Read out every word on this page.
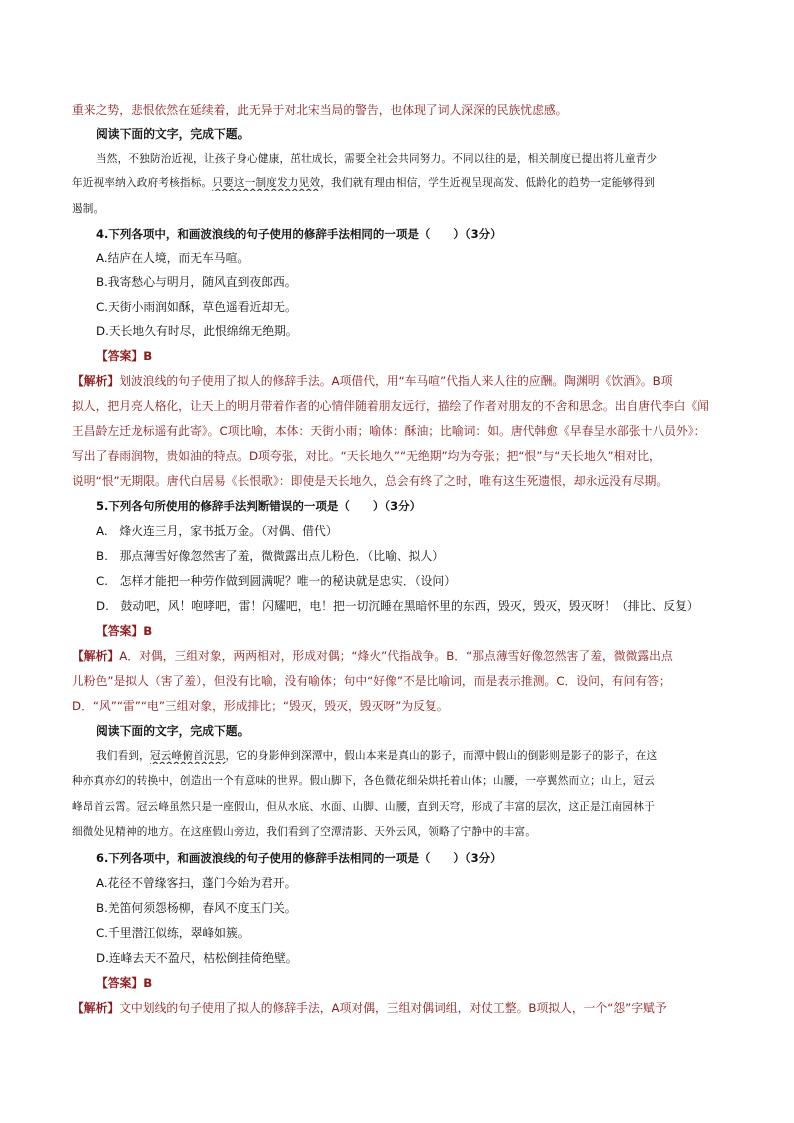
重来之势，悲恨依然在延续着，此无异于对北宋当局的警告，也体现了词人深深的民族忧虑感。
阅读下面的文字，完成下题。
当然，不独防治近视，让孩子身心健康，茁壮成长，需要全社会共同努力。不同以往的是，相关制度已提出将儿童青少
年近视率纳入政府考核指标。只要这一制度发力见效，我们就有理由相信，学生近视呈现高发、低龄化的趋势一定能够得到
遏制。
4.下列各项中，和画波浪线的句子使用的修辞手法相同的一项是（　　）（3分）
A.结庐在人境，而无车马喧。
B.我寄愁心与明月，随风直到夜郎西。
C.天街小雨润如酥，草色遥看近却无。
D.天长地久有时尽，此恨绵绵无绝期。
【答案】B
【解析】划波浪线的句子使用了拟人的修辞手法。A项借代，用“车马喧”代指人来人往的应酬。陶渊明《饮酒》。B项
拟人，把月亮人格化，让天上的明月带着作者的心情伴随着朋友远行，描绘了作者对朋友的不舍和思念。出自唐代李白《闻
王昌龄左迁龙标遥有此寄》。C项比喻，本体：天街小雨；喻体：酥油；比喻词：如。唐代韩愈《早春呈水部张十八员外》：
写出了春雨润物，贵如油的特点。D项夸张，对比。“天长地久”“无绝期”均为夸张；把“恨”与“天长地久”相对比，
说明“恨”无期限。唐代白居易《长恨歌》：即使是天长地久，总会有终了之时，唯有这生死遗恨，却永远没有尽期。
5.下列各句所使用的修辞手法判断错误的一项是（　　）（3分）
A.　烽火连三月，家书抵万金。（对偶、借代）
B.　那点薄雪好像忽然害了羞，微微露出点儿粉色．（比喻、拟人）
C.　怎样才能把一种劳作做到圆满呢？唯一的秘诀就是忠实．（设问）
D.　鼓动吧，风！咆哮吧，雷！闪耀吧，电！把一切沉睡在黑暗怀里的东西，毁灭，毁灭，毁灭呀！（排比、反复）
【答案】B
【解析】A．对偶，三组对象，两两相对，形成对偶；“烽火”代指战争。B．“那点薄雪好像忽然害了羞，微微露出点
儿粉色”是拟人（害了羞），但没有比喻，没有喻体；句中“好像”不是比喻词，而是表示推测。C．设问，有问有答；
D．“风”“雷”“电”三组对象，形成排比；“毁灭，毁灭，毁灭呀”为反复。
阅读下面的文字，完成下题。
我们看到，冠云峰俯首沉思，它的身影伸到深潭中，假山本来是真山的影子，而潭中假山的倒影则是影子的影子，在这
种亦真亦幻的转换中，创造出一个有意味的世界。假山脚下，各色微花细朵烘托着山体；山腰，一亭翼然而立；山上，冠云
峰昂首云霄。冠云峰虽然只是一座假山，但从水底、水面、山脚、山腰，直到天穹，形成了丰富的层次，这正是江南园林于
细微处见精神的地方。在这座假山旁边，我们看到了空潭清影、天外云风，领略了宁静中的丰富。
6.下列各项中，和画波浪线的句子使用的修辞手法相同的一项是（　　）（3分）
A.花径不曾缘客扫，蓬门今始为君开。
B.羌笛何须怨杨柳，春风不度玉门关。
C.千里潜江似练，翠峰如簇。
D.连峰去天不盈尺，枯松倒挂倚绝壁。
【答案】B
【解析】文中划线的句子使用了拟人的修辞手法，A项对偶，三组对偶词组，对仗工整。B项拟人，一个“怨”字赋予
